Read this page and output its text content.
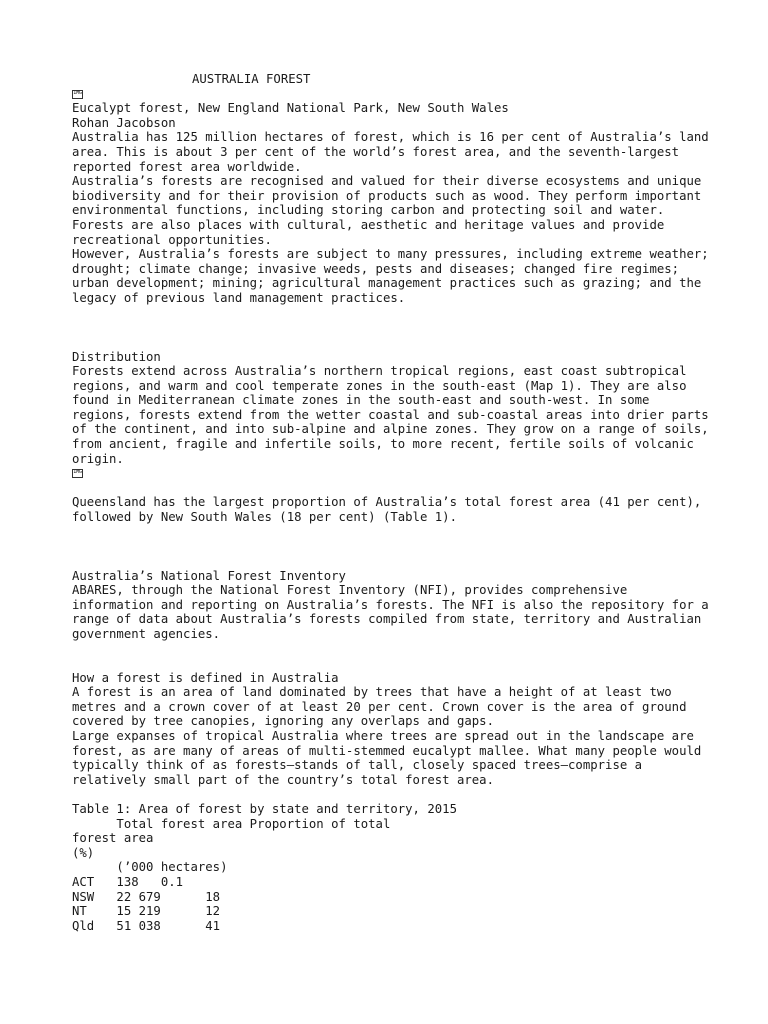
AUSTRALIA FOREST

IMG

Eucalypt forest, New England National Park, New South Wales

Rohan Jacobson

Australia has 125 million hectares of forest, which is 16 per cent of Australia’s land area. This is about 3 per cent of the world’s forest area, and the seventh-largest reported forest area worldwide.

Australia’s forests are recognised and valued for their diverse ecosystems and unique biodiversity and for their provision of products such as wood. They perform important environmental functions, including storing carbon and protecting soil and water. Forests are also places with cultural, aesthetic and heritage values and provide recreational opportunities.

However, Australia’s forests are subject to many pressures, including extreme weather; drought; climate change; invasive weeds, pests and diseases; changed fire regimes; urban development; mining; agricultural management practices such as grazing; and the legacy of previous land management practices.

Distribution

Forests extend across Australia’s northern tropical regions, east coast subtropical regions, and warm and cool temperate zones in the south-east (Map 1). They are also found in Mediterranean climate zones in the south-east and south-west. In some regions, forests extend from the wetter coastal and sub-coastal areas into drier parts of the continent, and into sub-alpine and alpine zones. They grow on a range of soils, from ancient, fragile and infertile soils, to more recent, fertile soils of volcanic origin.

IMG

Queensland has the largest proportion of Australia’s total forest area (41 per cent), followed by New South Wales (18 per cent) (Table 1).

Australia’s National Forest Inventory

ABARES, through the National Forest Inventory (NFI), provides comprehensive information and reporting on Australia’s forests. The NFI is also the repository for a range of data about Australia’s forests compiled from state, territory and Australian government agencies.

How a forest is defined in Australia

A forest is an area of land dominated by trees that have a height of at least two metres and a crown cover of at least 20 per cent. Crown cover is the area of ground covered by tree canopies, ignoring any overlaps and gaps.

Large expanses of tropical Australia where trees are spread out in the landscape are forest, as are many of areas of multi-stemmed eucalypt mallee. What many people would typically think of as forests—stands of tall, closely spaced trees—comprise a relatively small part of the country’s total forest area.

Table 1: Area of forest by state and territory, 2015

Total forest area Proportion of total

forest area

(%)

(’000 hectares)

ACT   138   0.1

NSW   22 679      18

NT    15 219      12

Qld   51 038      41
